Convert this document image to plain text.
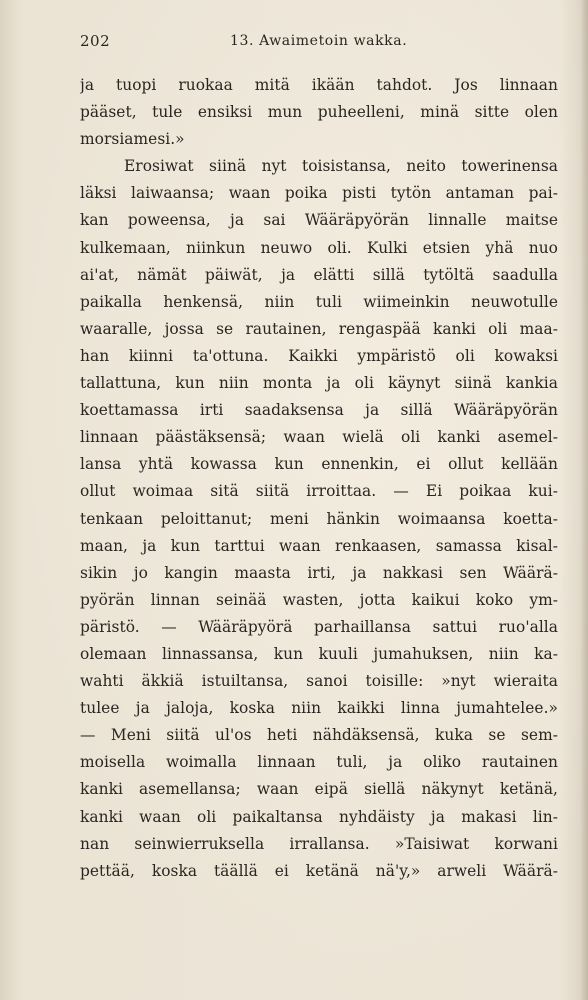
202	13. Awaimetoin wakka.
ja tuopi ruokaa mitä ikään tahdot. Jos linnaan
pääset, tule ensiksi mun puheelleni, minä sitte olen
morsiamesi.»
Erosiwat siinä nyt toisistansa, neito towerinensa
läksi laiwaansa; waan poika pisti tytön antaman pai-
kan poweensa, ja sai Wääräpyörän linnalle maitse
kulkemaan, niinkun neuwo oli. Kulki etsien yhä nuo
ai'at, nämät päiwät, ja elätti sillä tytöltä saadulla
paikalla henkensä, niin tuli wiimeinkin neuwotulle
waaralle, jossa se rautainen, rengaspää kanki oli maa-
han kiinni ta'ottuna. Kaikki ympäristö oli kowaksi
tallattuna, kun niin monta ja oli käynyt siinä kankia
koettamassa irti saadaksensa ja sillä Wääräpyörän
linnaan päästäksensä; waan wielä oli kanki asemel-
lansa yhtä kowassa kun ennenkin, ei ollut kellään
ollut woimaa sitä siitä irroittaa. — Ei poikaa kui-
tenkaan peloittanut; meni hänkin woimaansa koetta-
maan, ja kun tarttui waan renkaasen, samassa kisal-
sikin jo kangin maasta irti, ja nakkasi sen Wäärä-
pyörän linnan seinää wasten, jotta kaikui koko ym-
päristö. — Wääräpyörä parhaillansa sattui ruo'alla
olemaan linnassansa, kun kuuli jumahuksen, niin ka-
wahti äkkiä istuiltansa, sanoi toisille: »nyt wieraita
tulee ja jaloja, koska niin kaikki linna jumahtelee.»
— Meni siitä ul'os heti nähdäksensä, kuka se sem-
moisella woimalla linnaan tuli, ja oliko rautainen
kanki asemellansa; waan eipä siellä näkynyt ketänä,
kanki waan oli paikaltansa nyhdäisty ja makasi lin-
nan seinwierruksella irrallansa. »Taisiwat korwani
pettää, koska täällä ei ketänä nä'y,» arweli Wäärä-
